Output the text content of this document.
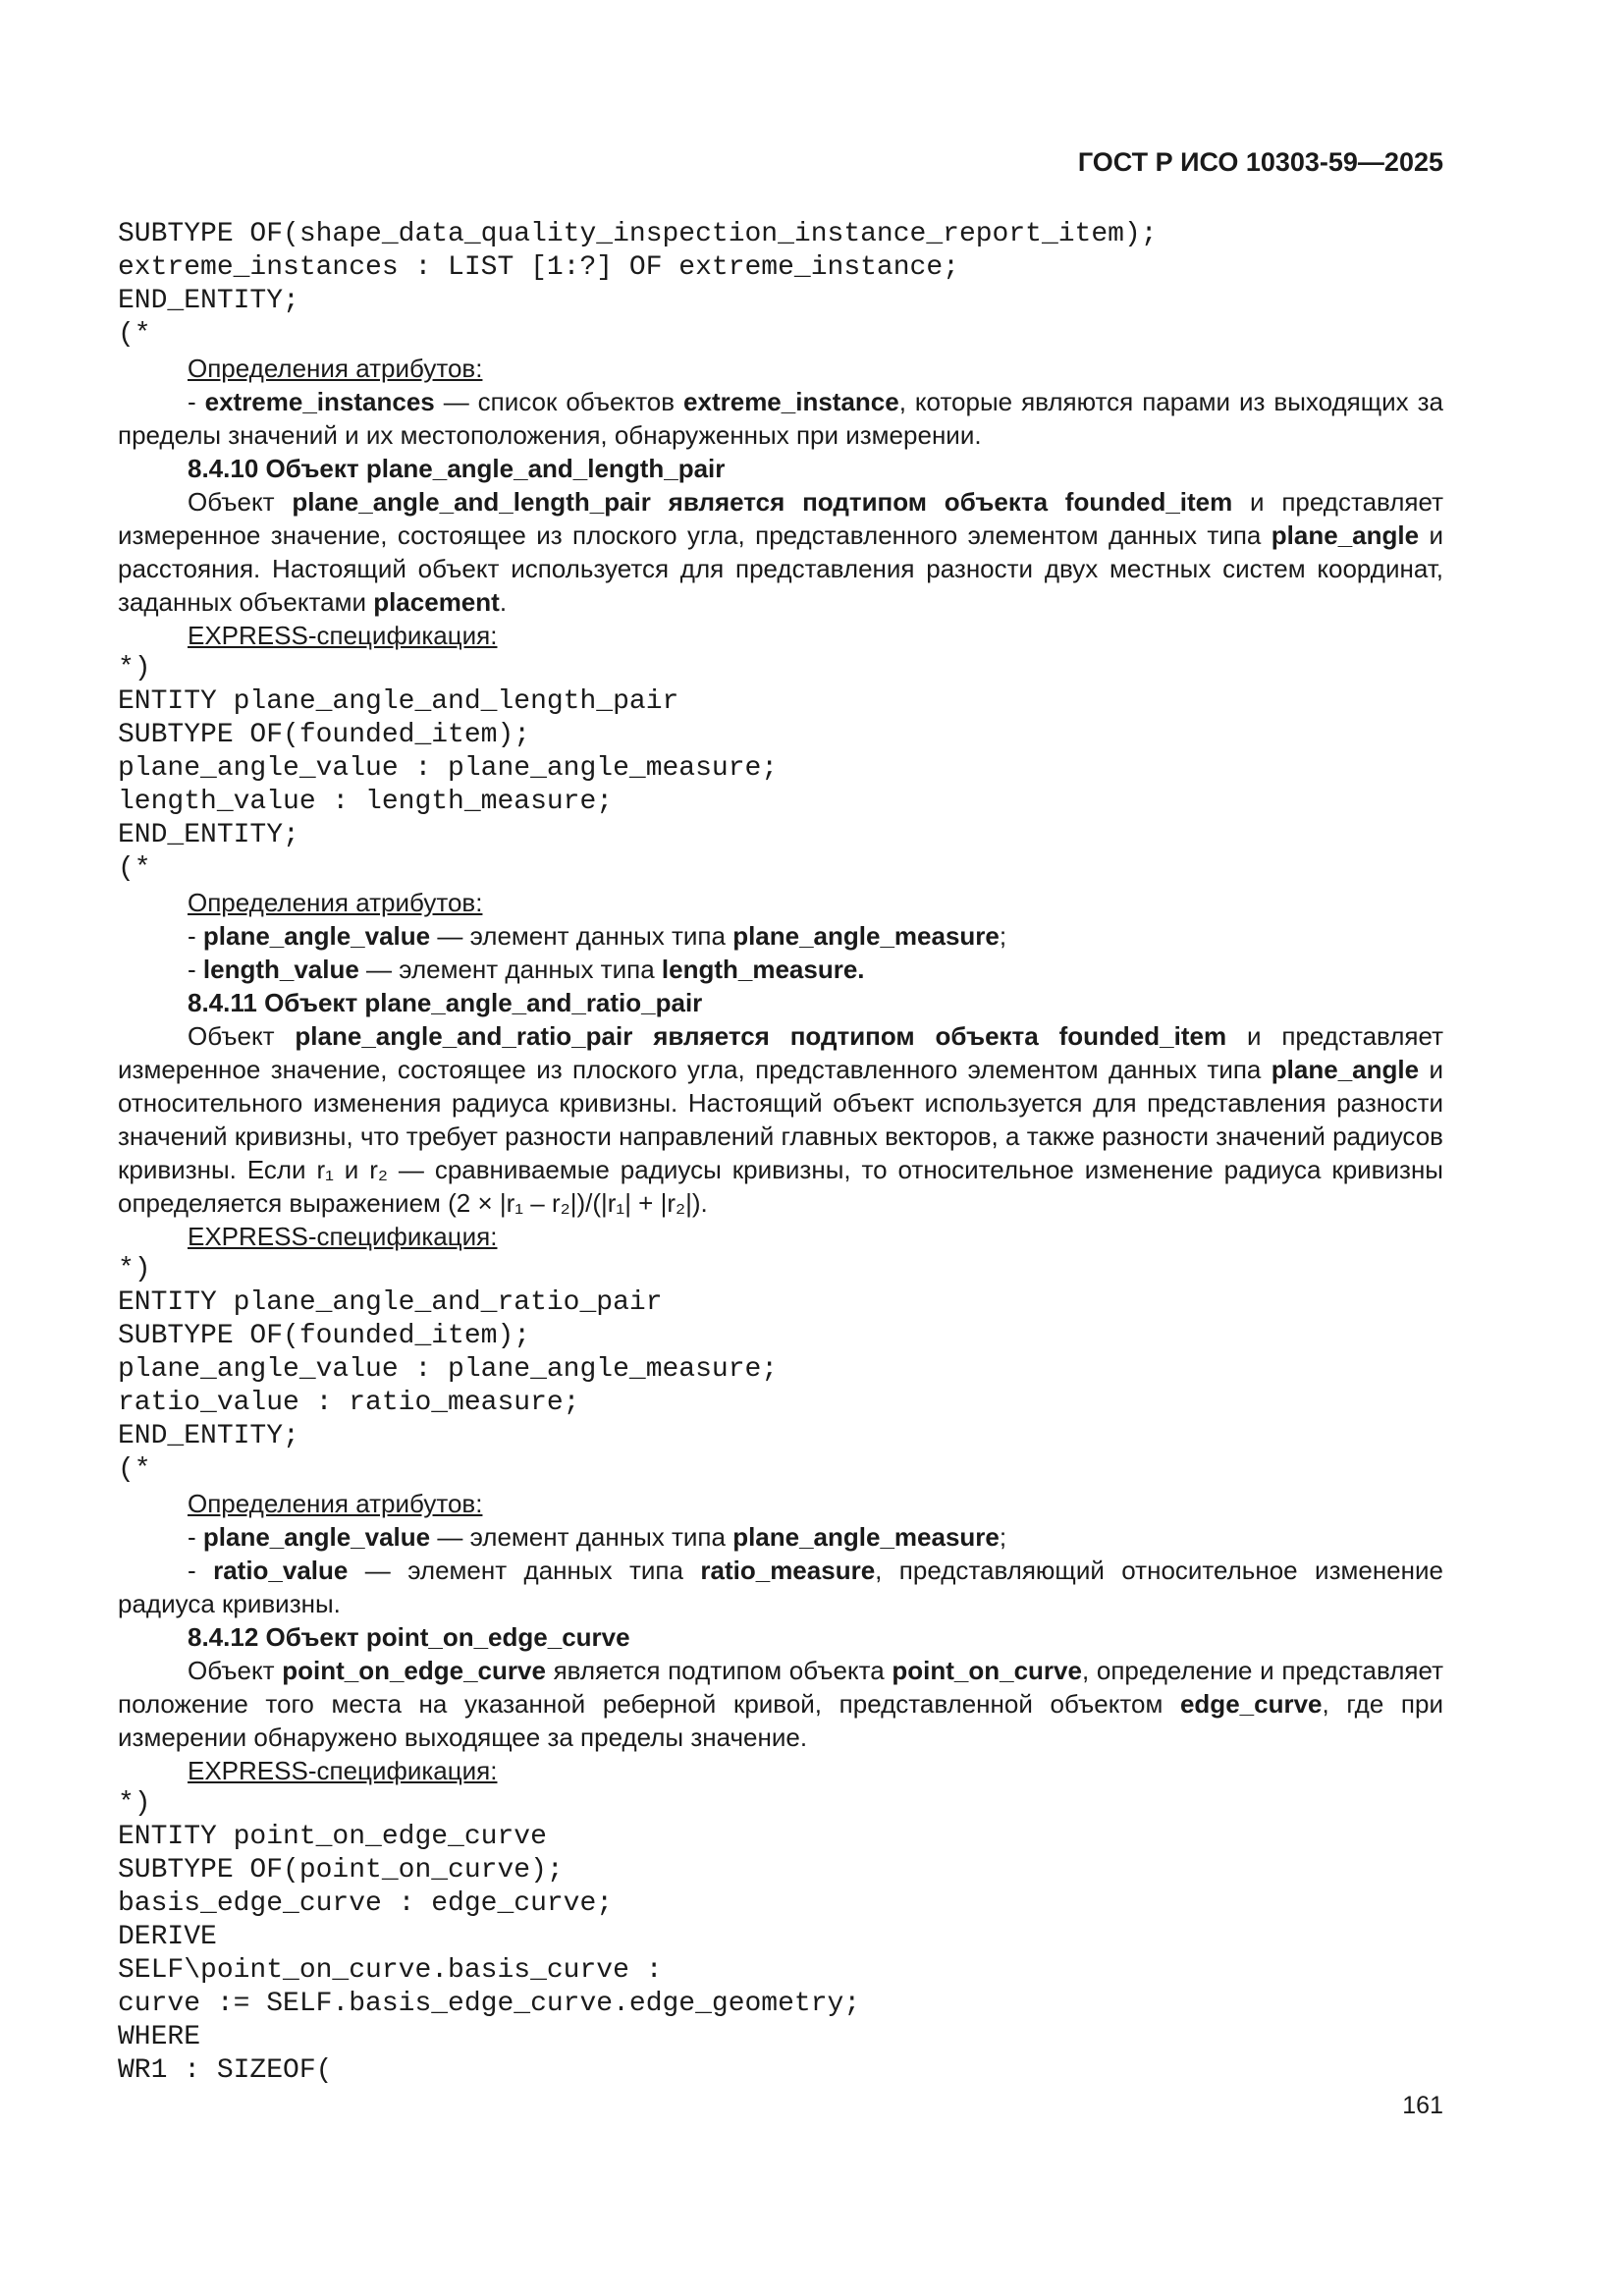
ГОСТ Р ИСО 10303-59—2025
SUBTYPE OF(shape_data_quality_inspection_instance_report_item);
extreme_instances : LIST [1:?] OF extreme_instance;
END_ENTITY;
(*
Определения атрибутов:
- extreme_instances — список объектов extreme_instance, которые являются парами из выходящих за пределы значений и их местоположения, обнаруженных при измерении.
8.4.10 Объект plane_angle_and_length_pair
Объект plane_angle_and_length_pair является подтипом объекта founded_item и представляет измеренное значение, состоящее из плоского угла, представленного элементом данных типа plane_angle и расстояния. Настоящий объект используется для представления разности двух местных систем координат, заданных объектами placement.
EXPRESS-спецификация:
*)
ENTITY plane_angle_and_length_pair
SUBTYPE OF(founded_item);
plane_angle_value : plane_angle_measure;
length_value : length_measure;
END_ENTITY;
(*
Определения атрибутов:
- plane_angle_value — элемент данных типа plane_angle_measure;
- length_value — элемент данных типа length_measure.
8.4.11 Объект plane_angle_and_ratio_pair
Объект plane_angle_and_ratio_pair является подтипом объекта founded_item и представляет измеренное значение, состоящее из плоского угла, представленного элементом данных типа plane_angle и относительного изменения радиуса кривизны. Настоящий объект используется для представления разности значений кривизны, что требует разности направлений главных векторов, а также разности значений радиусов кривизны. Если r₁ и r₂ — сравниваемые радиусы кривизны, то относительное изменение радиуса кривизны определяется выражением (2 × |r₁ – r₂|)/(|r₁| + |r₂|).
EXPRESS-спецификация:
*)
ENTITY plane_angle_and_ratio_pair
SUBTYPE OF(founded_item);
plane_angle_value : plane_angle_measure;
ratio_value : ratio_measure;
END_ENTITY;
(*
Определения атрибутов:
- plane_angle_value — элемент данных типа plane_angle_measure;
- ratio_value — элемент данных типа ratio_measure, представляющий относительное изменение радиуса кривизны.
8.4.12 Объект point_on_edge_curve
Объект point_on_edge_curve является подтипом объекта point_on_curve, определение и представляет положение того места на указанной реберной кривой, представленной объектом edge_curve, где при измерении обнаружено выходящее за пределы значение.
EXPRESS-спецификация:
*)
ENTITY point_on_edge_curve
SUBTYPE OF(point_on_curve);
basis_edge_curve : edge_curve;
DERIVE
SELF\point_on_curve.basis_curve :
curve := SELF.basis_edge_curve.edge_geometry;
WHERE
WR1 : SIZEOF(
161
